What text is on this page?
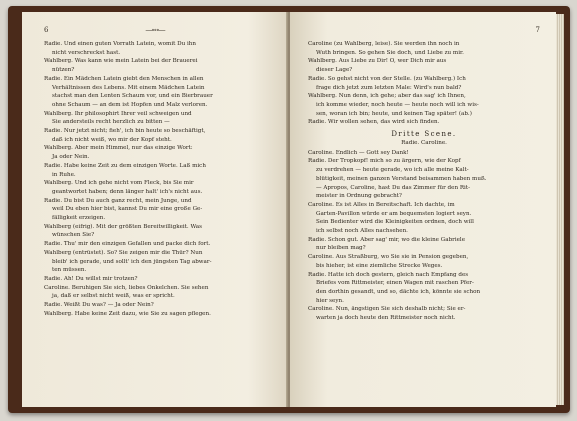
6	—∘∘∘—
Radie. Und einen guten Vorrath Latein, womit Du ihn
nicht verschreckst hast.
Wahlberg. Was kann wie mein Latein bei der Brauerei
nützen?
Radie. Ein Mädchen Latein giebt den Menschen in allen
Verhältnissen des Lebens. Mit einem Mädchen Latein
stachst man den Lenten Schaum vor, und ein Bierbrauer
ohne Schaum — an dem ist Hopfen und Malz verloren.
Wahlberg. Ihr philosophirt Ihrer veil schweigen und
Sie andersteils recht herzlich zu bitten —
Radie. Nur jetzt nicht; fieh', ich bin heute so beschäftigt,
daß ich nicht weiß, wo mir der Kopf steht.
Wahlberg. Aber mein Himmel, nur das einzige Wort:
Ja oder Nein.
Radie. Habe keine Zeit zu dem einzigen Worte. Laß mich
in Ruhe.
Wahlberg. Und ich gehe nicht vom Fleck, bis Sie mir
geantwortet haben; denn länger halt' ich's nicht aus.
Radie. Du bist Du auch ganz recht, mein Junge, und
weil Du eben hier bist, kannst Du mir eine große Ge-
fälligkeit erzeigen.
Wahlberg (eifrig). Mit der größten Bereitwilligkeit. Was
wünschen Sie?
Radie. Thu' mir den einzigen Gefallen und packe dich fort.
Wahlberg (entrüstet). So? Sie zeigen mir die Thür? Nun
bleib' ich gerade, und sollt' ich den jüngsten Tag abwar-
ten müssen.
Radie. Ah! Du willst mir trotzen?
Caroline. Beruhigen Sie sich, liebes Onkelchen. Sie sehen
ja, daß er selbst nicht weiß, was er spricht.
Radie. Weißt Du was? — Ja oder Nein?
Wahlberg. Habe keine Zeit dazu, wie Sie zu sagen pflegen.
7
Caroline (zu Wahlberg, leise). Sie werden ihn noch in
Wuth bringen. So gehen Sie doch, und Liebe zu mir.
Wahlberg. Aus Liebe zu Dir! O, wer Dich mir aus
dieser Lage?
Radie. So gehst nicht von der Stelle. (zu Wahlberg.) Ich
frage dich jetzt zum letzten Male: Wird's nun bald?
Wahlberg. Nun denn, ich gehe; aber das sag' ich Ihnen,
ich komme wieder, noch heute — heute noch will ich wis-
sen, woran ich bin; heute, und keinen Tag später! (ab.)
Radie. Wir wollen sehen, das wird sich finden.
Dritte Scene.
Radie. Caroline.
Caroline. Endlich — Gott sey Dank!
Radie. Der Tropkopf! mich so zu ärgern, wie der Kopf
zu verdrehen — heute gerade, wo ich alle meine Kalt-
blütigkeit, meinen ganzen Verstand beisammen haben muß.
— Apropos, Caroline, hast Du das Zimmer für den Rit-
meister in Ordnung gebracht?
Caroline. Es ist Alles in Bereitschaft. Ich dachte, im
Garten-Pavillon würde er am bequemsten logiert seyn.
Sein Bedienter wird die Kleinigkeiten ordnen, doch will
ich selbst noch Alles nachsehen.
Radie. Schon gut. Aber sag' mir, wo die kleine Gabriele
nur bleiben mag?
Caroline. Aus Straßburg, wo Sie sie in Pension gegeben,
bis hieher, ist eine ziemliche Strecke Weges.
Radie. Hatte ich doch gestern, gleich nach Empfang des
Briefes vom Rittmeister, einen Wagen mit raschen Pfer-
den dorthin gesandt, und so, dächte ich, könnte sie schon
hier seyn.
Caroline. Nun, ängstigen Sie sich deshalb nicht; Sie er-
warten ja doch heute den Rittmeister noch nicht.
